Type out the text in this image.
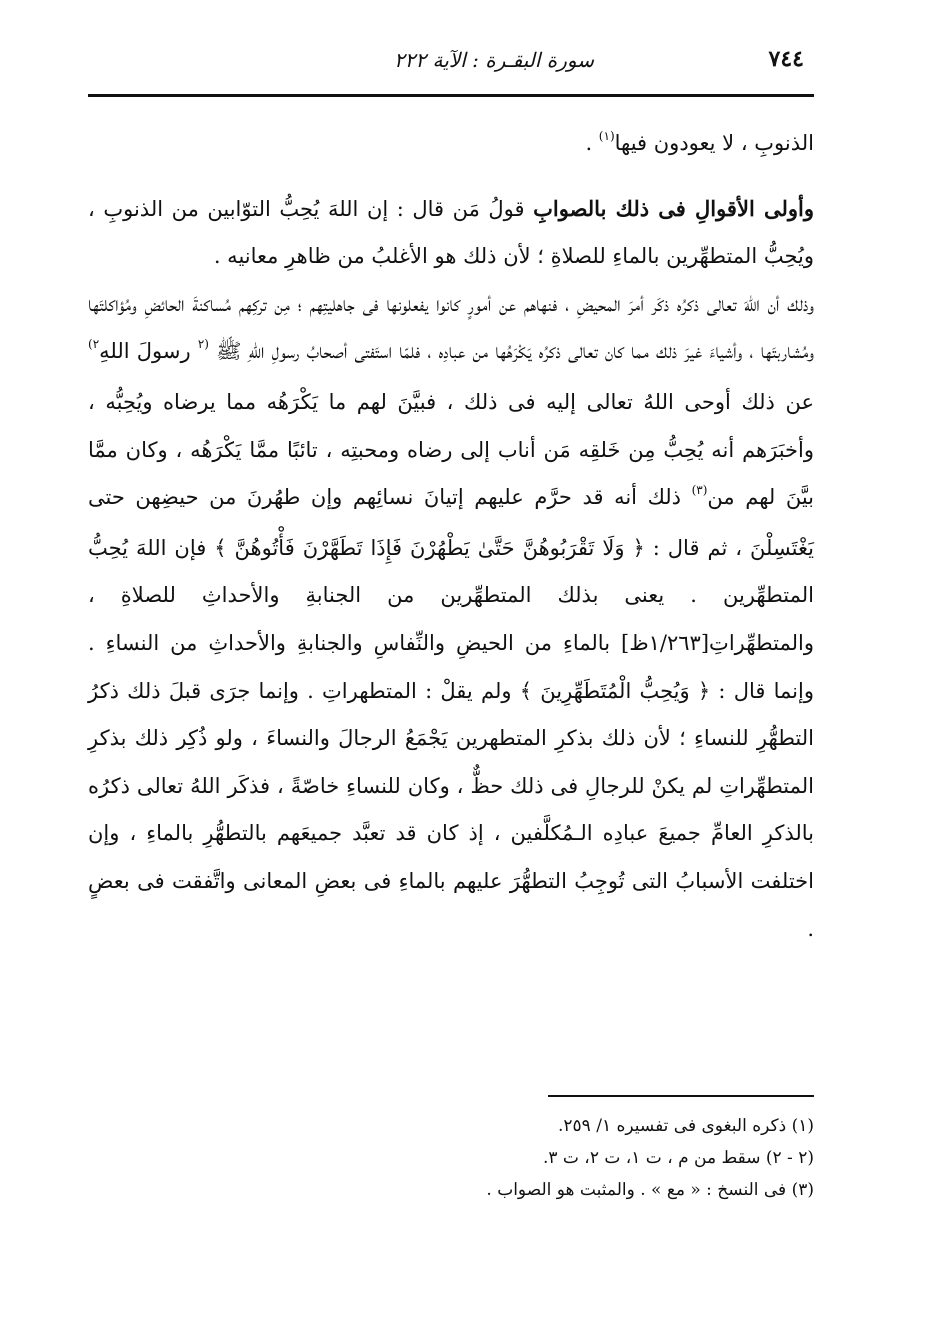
٧٤٤
سورة البقـرة : الآية ٢٢٢

الذنوبِ ، لا يعودون فيها$^{(١)}$ .

وأولى الأقوالِ فى ذلك بالصوابِ قولُ مَن قال : إن اللهَ يُحِبُّ التوّابين من الذنوبِ ، ويُحِبُّ المتطهِّرين بالماءِ للصلاةِ ؛ لأن ذلك هو الأغلبُ من ظاهرِ معانيه .

وذلك أن اللهَ تعالى ذكرُه ذكَر أمرَ المحيضِ ، فنهاهم عن أمورٍ كانوا يفعلونها فى جاهليتِهم ؛ مِن تركِهم مُساكنةَ الحائضِ ومُؤاكلتَها ومُشاربتَها ، وأشياءَ غيرَ ذلك مما كان تعالى ذكرُه يَكْرَهُها من عبادِه ، فلمّا استَفتى أصحابُ رسولِ اللهِ ﷺ $^{(٢}$ رسولَ اللهِ$^{٢)}$ عن ذلك أوحى اللهُ تعالى إليه فى ذلك ، فبيَّنَ لهم ما يَكْرَهُه مما يرضاه ويُحِبُّه ، وأخبَرَهم أنه يُحِبُّ مِن خَلقِه مَن أناب إلى رضاه ومحبتِه ، تائبًا ممَّا يَكْرَهُه ، وكان ممَّا بيَّنَ لهم من$^{(٣)}$ ذلك أنه قد حرَّم عليهم إتيانَ نسائِهم وإن طهُرنَ من حيضِهن حتى يَغْتَسِلْنَ ، ثم قال : ﴿ وَلَا تَقْرَبُوهُنَّ حَتَّىٰ يَطْهُرْنَ فَإِذَا تَطَهَّرْنَ فَأْتُوهُنَّ ﴾ فإن اللهَ يُحِبُّ المتطهِّرين . يعنى بذلك المتطهِّرين من الجنابةِ والأحداثِ للصلاةِ ، والمتطهِّراتِ[١/٢٦٣ظ] بالماءِ من الحيضِ والنِّفاسِ والجنابةِ والأحداثِ من النساءِ . وإنما قال : ﴿ وَيُحِبُّ الْمُتَطَهِّرِينَ ﴾ ولم يقلْ : المتطهراتِ . وإنما جرَى قبلَ ذلك ذكرُ التطهُّرِ للنساءِ ؛ لأن ذلك بذكرِ المتطهرين يَجْمَعُ الرجالَ والنساءَ ، ولو ذُكِر ذلك بذكرِ المتطهِّراتِ لم يكنْ للرجالِ فى ذلك حظٌّ ، وكان للنساءِ خاصّةً ، فذكَر اللهُ تعالى ذكرُه بالذكرِ العامِّ جميعَ عبادِه الـمُكلَّفين ، إذ كان قد تعبَّد جميعَهم بالتطهُّرِ بالماءِ ، وإن اختلفت الأسبابُ التى تُوجِبُ التطهُّرَ عليهم بالماءِ فى بعضِ المعانى واتَّفقت فى بعضٍ .

(١) ذكره البغوى فى تفسيره ١/ ٢٥٩.

(٢ - ٢) سقط من م ، ت ١، ت ٢، ت ٣.

(٣) فى النسخ : « مع » . والمثبت هو الصواب .
